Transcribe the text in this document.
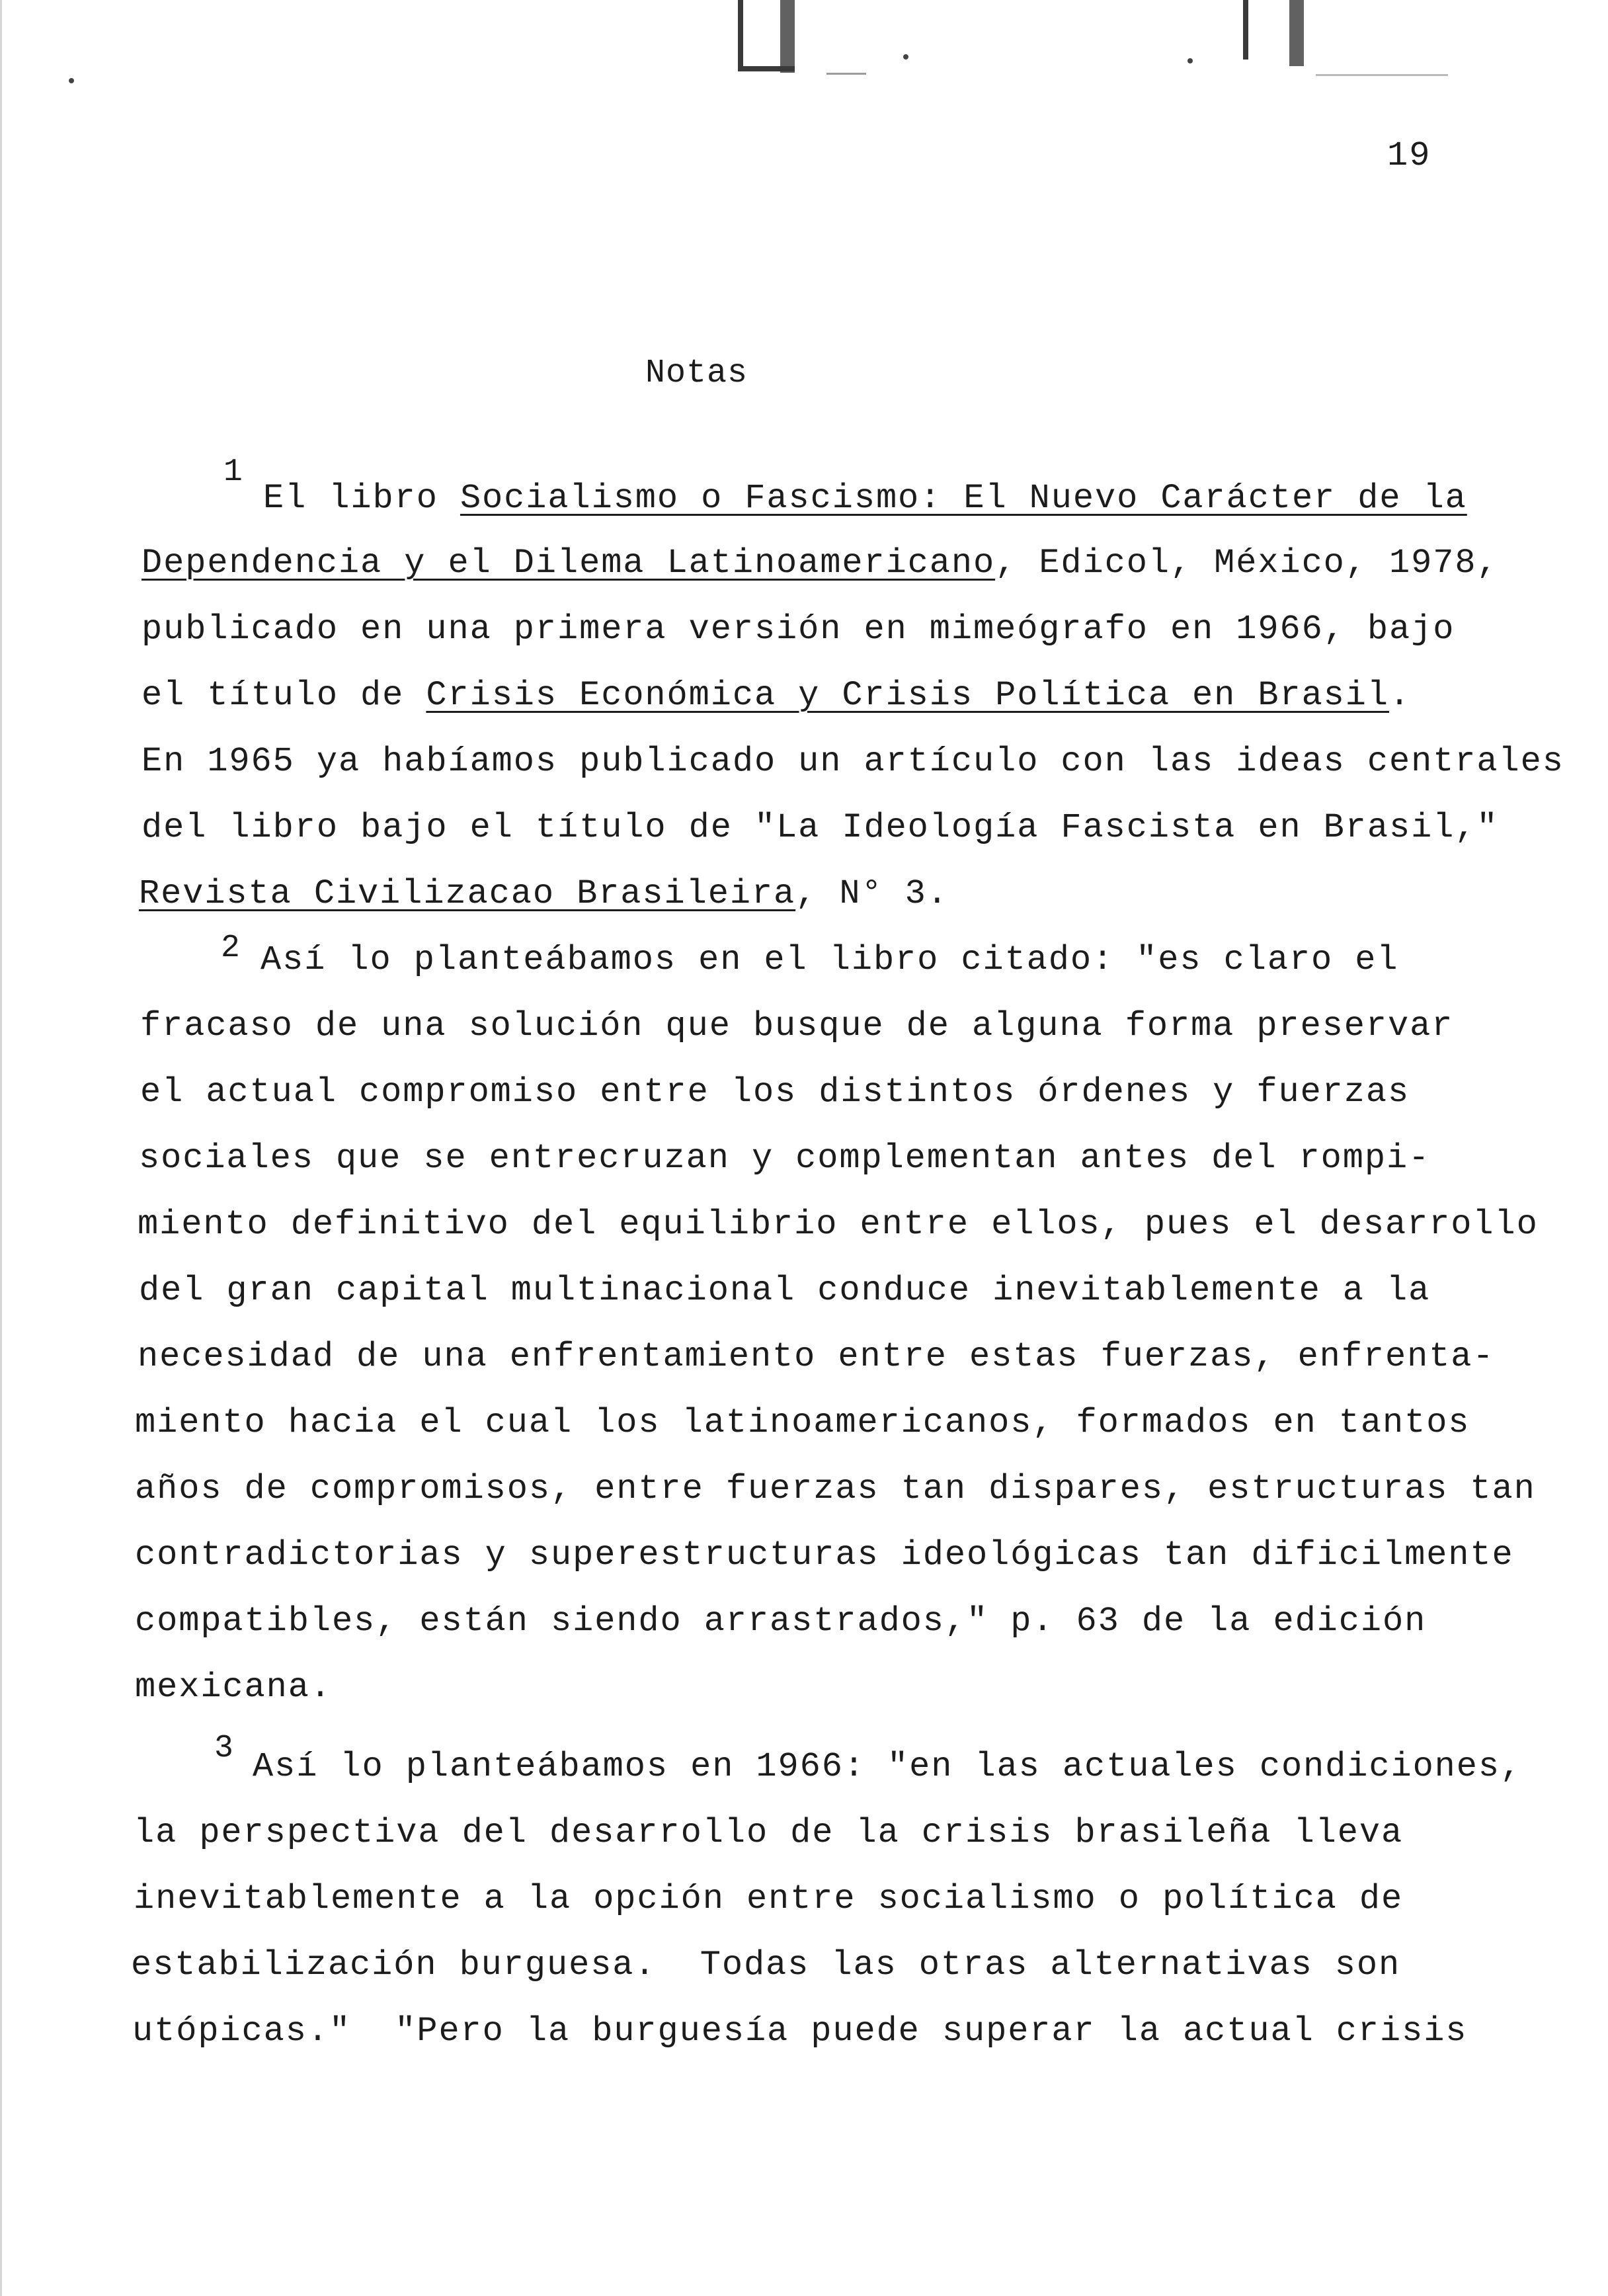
19
Notas
1
El libro Socialismo o Fascismo: El Nuevo Carácter de la
Dependencia y el Dilema Latinoamericano, Edicol, México, 1978,
publicado en una primera versión en mimeógrafo en 1966, bajo
el título de Crisis Económica y Crisis Política en Brasil.
En 1965 ya habíamos publicado un artículo con las ideas centrales
del libro bajo el título de "La Ideología Fascista en Brasil,"
Revista Civilizacao Brasileira, N° 3.
2 Así lo planteábamos en el libro citado: "es claro el
fracaso de una solución que busque de alguna forma preservar
el actual compromiso entre los distintos órdenes y fuerzas
sociales que se entrecruzan y complementan antes del rompi-
miento definitivo del equilibrio entre ellos, pues el desarrollo
del gran capital multinacional conduce inevitablemente a la
necesidad de una enfrentamiento entre estas fuerzas, enfrenta-
miento hacia el cual los latinoamericanos, formados en tantos
años de compromisos, entre fuerzas tan dispares, estructuras tan
contradictorias y superestructuras ideológicas tan dificilmente
compatibles, están siendo arrastrados," p. 63 de la edición
mexicana.
3 Así lo planteábamos en 1966: "en las actuales condiciones,
la perspectiva del desarrollo de la crisis brasileña lleva
inevitablemente a la opción entre socialismo o política de
estabilización burguesa.  Todas las otras alternativas son
utópicas."  "Pero la burguesía puede superar la actual crisis
